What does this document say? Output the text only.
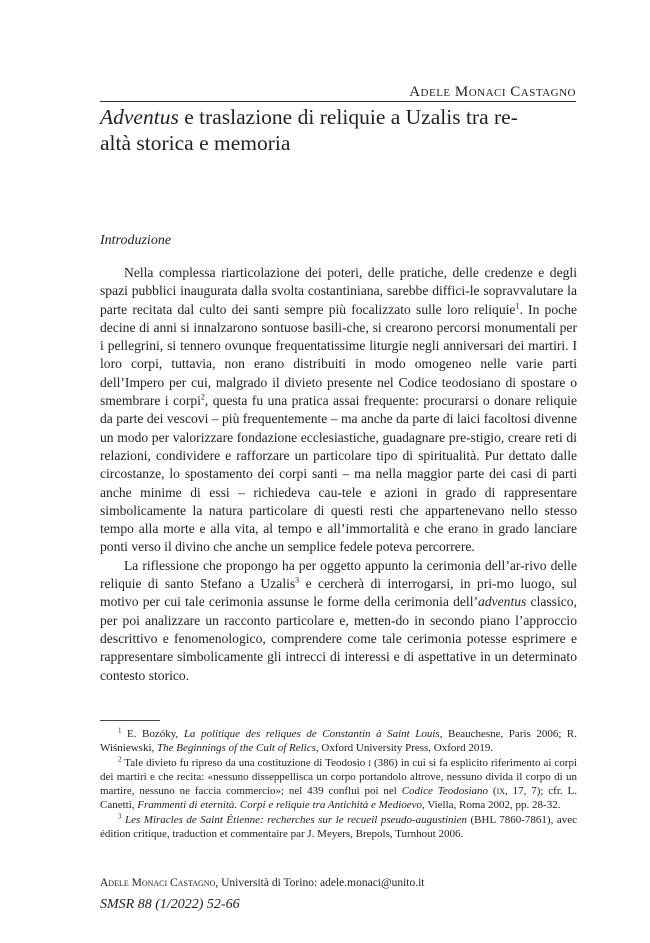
Adele Monaci Castagno
Adventus e traslazione di reliquie a Uzalis tra re-
altà storica e memoria
Introduzione

Nella complessa riarticolazione dei poteri, delle pratiche, delle credenze e degli spazi pubblici inaugurata dalla svolta costantiniana, sarebbe diffici-le sopravvalutare la parte recitata dal culto dei santi sempre più focalizzato sulle loro reliquie$^1$. In poche decine di anni si innalzarono sontuose basili-che, si crearono percorsi monumentali per i pellegrini, si tennero ovunque frequentatissime liturgie negli anniversari dei martiri. I loro corpi, tuttavia, non erano distribuiti in modo omogeneo nelle varie parti dell’Impero per cui, malgrado il divieto presente nel Codice teodosiano di spostare o smembrare i corpi$^2$, questa fu una pratica assai frequente: procurarsi o donare reliquie da parte dei vescovi – più frequentemente – ma anche da parte di laici facoltosi divenne un modo per valorizzare fondazione ecclesiastiche, guadagnare pre-stigio, creare reti di relazioni, condividere e rafforzare un particolare tipo di spiritualità. Pur dettato dalle circostanze, lo spostamento dei corpi santi – ma nella maggior parte dei casi di parti anche minime di essi – richiedeva cau-tele e azioni in grado di rappresentare simbolicamente la natura particolare di questi resti che appartenevano nello stesso tempo alla morte e alla vita, al tempo e all’immortalità e che erano in grado lanciare ponti verso il divino che anche un semplice fedele poteva percorrere.

La riflessione che propongo ha per oggetto appunto la cerimonia dell’ar-rivo delle reliquie di santo Stefano a Uzalis$^3$ e cercherà di interrogarsi, in pri-mo luogo, sul motivo per cui tale cerimonia assunse le forme della cerimonia dell’adventus classico, per poi analizzare un racconto particolare e, metten-do in secondo piano l’approccio descrittivo e fenomenologico, comprendere come tale cerimonia potesse esprimere e rappresentare simbolicamente gli intrecci di interessi e di aspettative in un determinato contesto storico.

$^1$ E. Bozóky, La politique des reliques de Constantin à Saint Louis, Beauchesne, Paris 2006; R. Wiśniewski, The Beginnings of the Cult of Relics, Oxford University Press, Oxford 2019.

$^2$ Tale divieto fu ripreso da una costituzione di Teodosio i (386) in cui si fa esplicito riferimento ai corpi dei martiri e che recita: «nessuno disseppellisca un corpo portandolo altrove, nessuno divida il corpo di un martire, nessuno ne faccia commercio»; nel 439 confluì poi nel Codice Teodosiano (ix, 17, 7); cfr. L. Canetti, Frammenti di eternità. Corpi e reliquie tra Antichità e Medioevo, Viella, Roma 2002, pp. 28-32.

$^3$ Les Miracles de Saint Étienne: recherches sur le recueil pseudo-augustinien (BHL 7860-7861), avec édition critique, traduction et commentaire par J. Meyers, Brepols, Turnhout 2006.

Adele Monaci Castagno, Università di Torino: adele.monaci@unito.it
SMSR 88 (1/2022) 52-66
